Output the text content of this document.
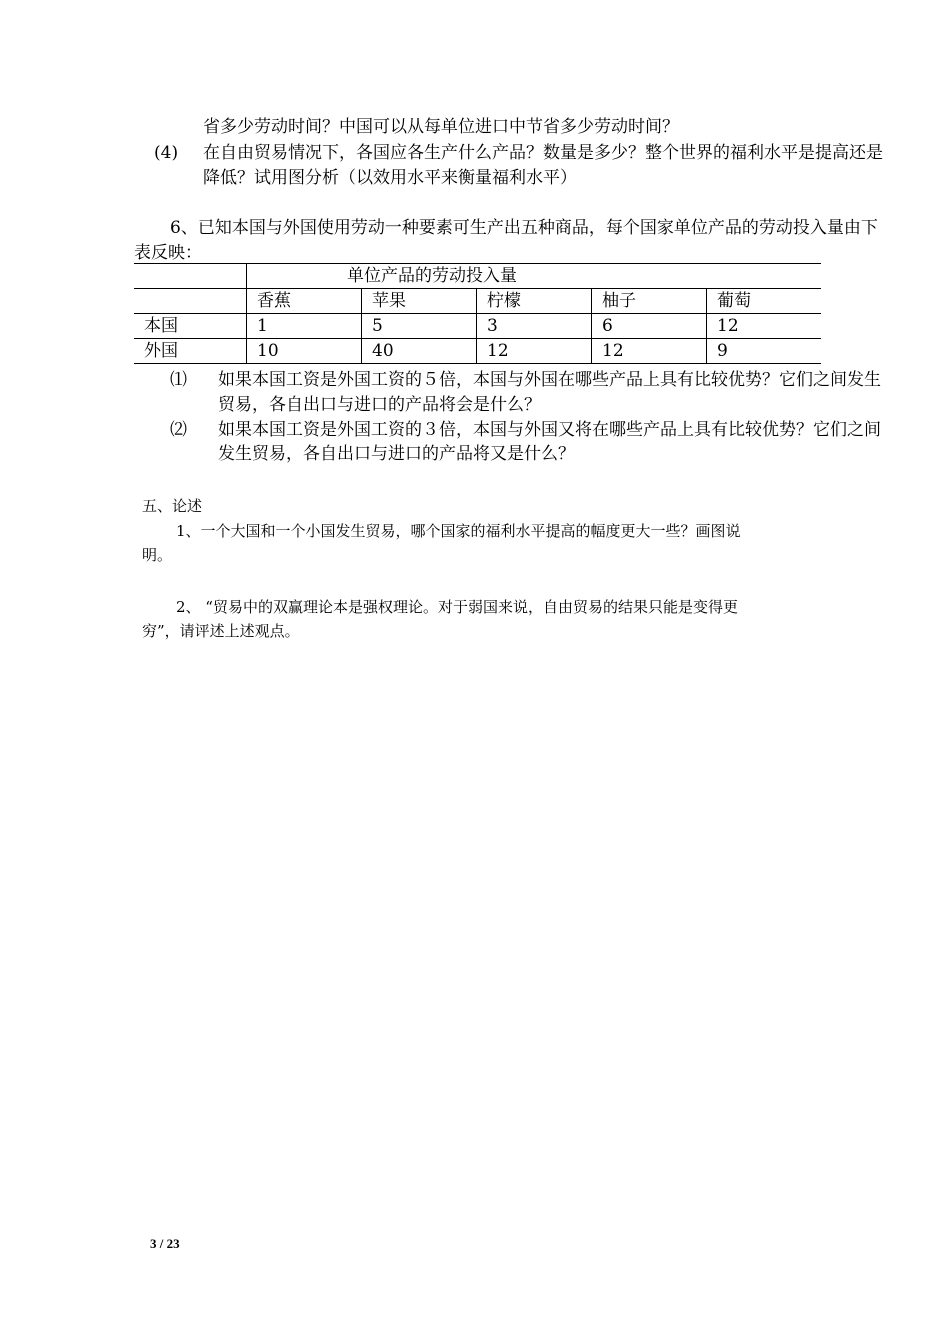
省多少劳动时间？中国可以从每单位进口中节省多少劳动时间？
(4) 在自由贸易情况下，各国应各生产什么产品？数量是多少？整个世界的福利水平是提高还是
降低？试用图分析（以效用水平来衡量福利水平）
6、已知本国与外国使用劳动一种要素可生产出五种商品，每个国家单位产品的劳动投入量由下
表反映：
	单位产品的劳动投入量				
	香蕉	苹果	柠檬	柚子	葡萄
本国	1	5	3	6	12
外国	10	40	12	12	9
⑴ 如果本国工资是外国工资的５倍，本国与外国在哪些产品上具有比较优势？它们之间发生
贸易，各自出口与进口的产品将会是什么？
⑵ 如果本国工资是外国工资的３倍，本国与外国又将在哪些产品上具有比较优势？它们之间
发生贸易，各自出口与进口的产品将又是什么？
五、论述
1、一个大国和一个小国发生贸易，哪个国家的福利水平提高的幅度更大一些？画图说
明。
2、 “贸易中的双赢理论本是强权理论。对于弱国来说，自由贸易的结果只能是变得更
穷”，请评述上述观点。
3 / 23
